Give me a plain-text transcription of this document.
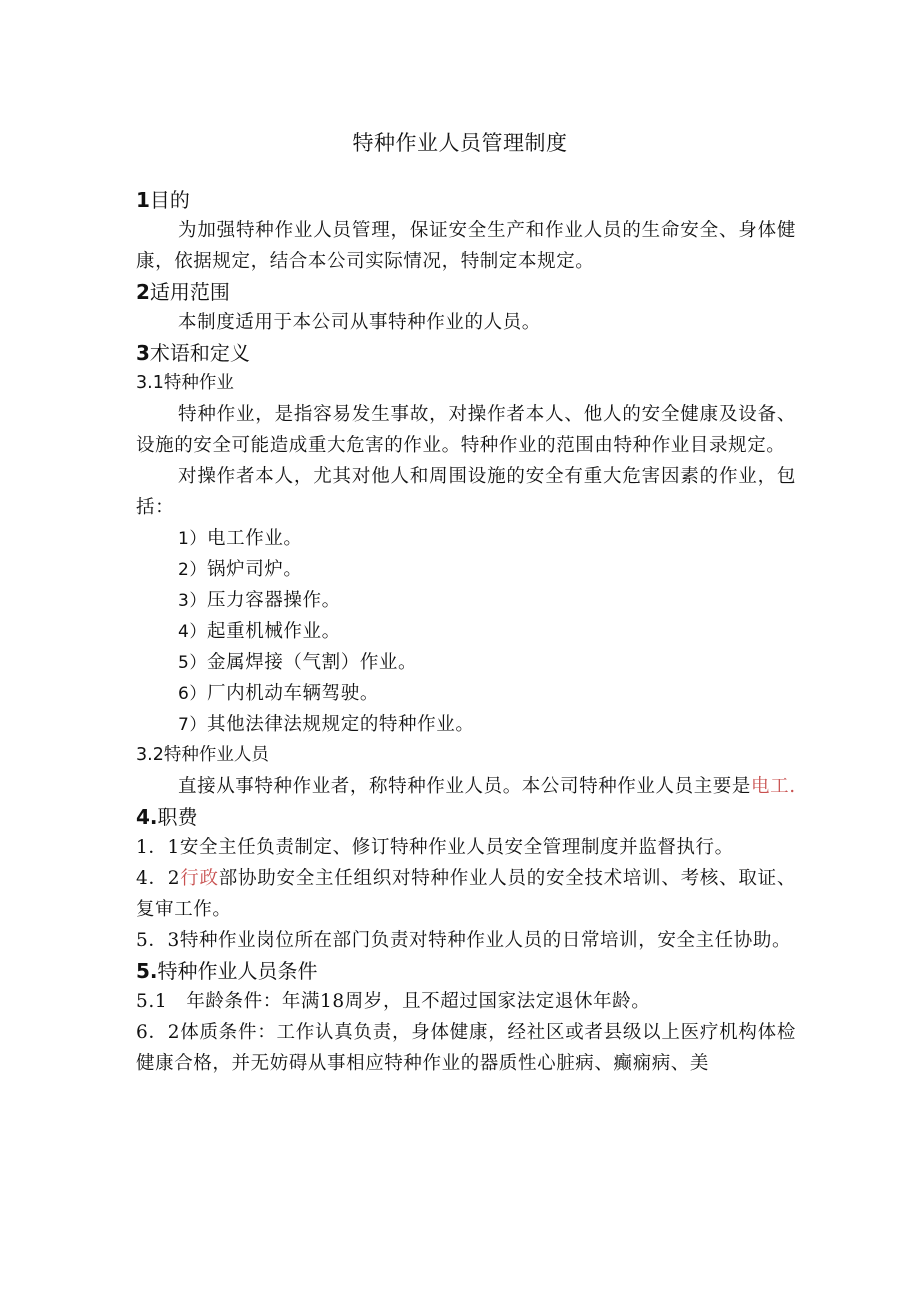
特种作业人员管理制度
1目的
为加强特种作业人员管理，保证安全生产和作业人员的生命安全、身体健康，依据规定，结合本公司实际情况，特制定本规定。
2适用范围
本制度适用于本公司从事特种作业的人员。
3术语和定义
3.1特种作业
特种作业，是指容易发生事故，对操作者本人、他人的安全健康及设备、设施的安全可能造成重大危害的作业。特种作业的范围由特种作业目录规定。
对操作者本人，尤其对他人和周围设施的安全有重大危害因素的作业，包括：
1）电工作业。
2）锅炉司炉。
3）压力容器操作。
4）起重机械作业。
5）金属焊接（气割）作业。
6）厂内机动车辆驾驶。
7）其他法律法规规定的特种作业。
3.2特种作业人员
直接从事特种作业者，称特种作业人员。本公司特种作业人员主要是电工.
4.职费
1．1安全主任负责制定、修订特种作业人员安全管理制度并监督执行。
4．2行政部协助安全主任组织对特种作业人员的安全技术培训、考核、取证、复审工作。
5．3特种作业岗位所在部门负责对特种作业人员的日常培训，安全主任协助。
5.特种作业人员条件
5.1　年龄条件：年满18周岁，且不超过国家法定退休年龄。
6．2体质条件：工作认真负责，身体健康，经社区或者县级以上医疗机构体检健康合格，并无妨碍从事相应特种作业的器质性心脏病、癫痫病、美
